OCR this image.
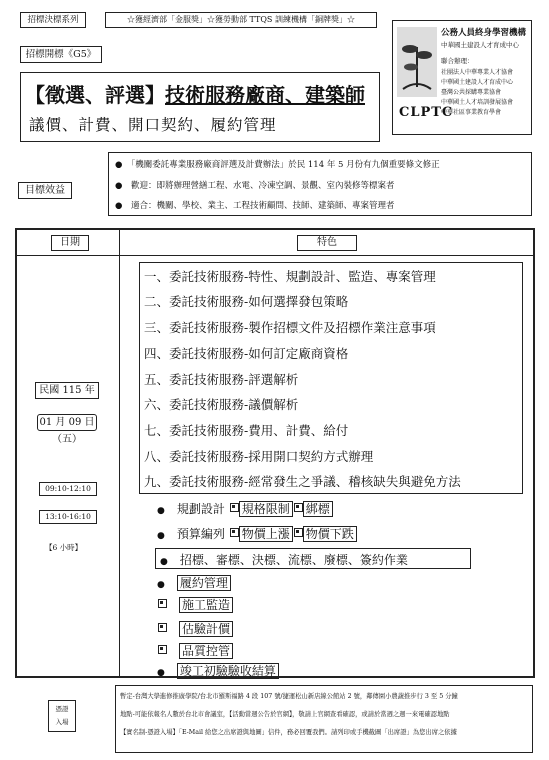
招標決標系列	☆獲經濟部「金服獎」☆獲勞動部 TTQS 訓練機構「銅牌獎」☆
招標開標《G5》
【徵選、評選】技術服務廠商、建築師
議價、計費、開口契約、履約管理
公務人員終身學習機構
中華國土建設人才育成中心
聯合辦理：
社團法人中華專業人才協會
中華國土建設人才育成中心
臺灣公共採購專業協會
中華國土人才培訓發展協會
中華社區事業教育學會
CLPTC
目標效益
●　 「機關委託專業服務廠商評選及計費辦法」於民 114 年 5 月份有九個重要條文修正
●　 歡迎：即將辦理營繕工程、水電、冷凍空調、景觀、室內裝修等標案者
●　 適合：機關、學校、業主、工程技術顧問、技師、建築師、專案管理者
日期	特色
民國 115 年
01 月 09 日
（五）
09:10-12:10
13:10-16:10
【6 小時】
一、委託技術服務-特性、規劃設計、監造、專案管理
二、委託技術服務-如何選擇發包策略
三、委託技術服務-製作招標文件及招標作業注意事項
四、委託技術服務-如何訂定廠商資格
五、委託技術服務-評選解析
六、委託技術服務-議價解析
七、委託技術服務-費用、計費、給付
八、委託技術服務-採用開口契約方式辦理
九、委託技術服務-經常發生之爭議、稽核缺失與避免方法
●　 規劃設計 規格限制 綁標
●　 預算編列 物價上漲 物價下跌
●　 招標、審標、決標、流標、廢標、簽約作業
●　 履約管理
　施工監造
　估驗計價
　品質控管
●　 竣工初驗驗收結算
憑證
入場
暫定-台灣大學進修推廣學院/台北市羅斯福路 4 段 107 號/捷運松山新店線公館站 2 號，鄰傳園小農蔬推步行 3 至 5 分鐘
地點-可能依報名人數於台北市會議室，【活動當週公告於官網】，敬請上官網查看確認，或請於當週之週一來電確認地點
【實名制-憑證入場】「E-Mail 給您之出席證與地圖」信件，務必回覆我們。請列印或手機截圖「出席證」為您出席之依據
